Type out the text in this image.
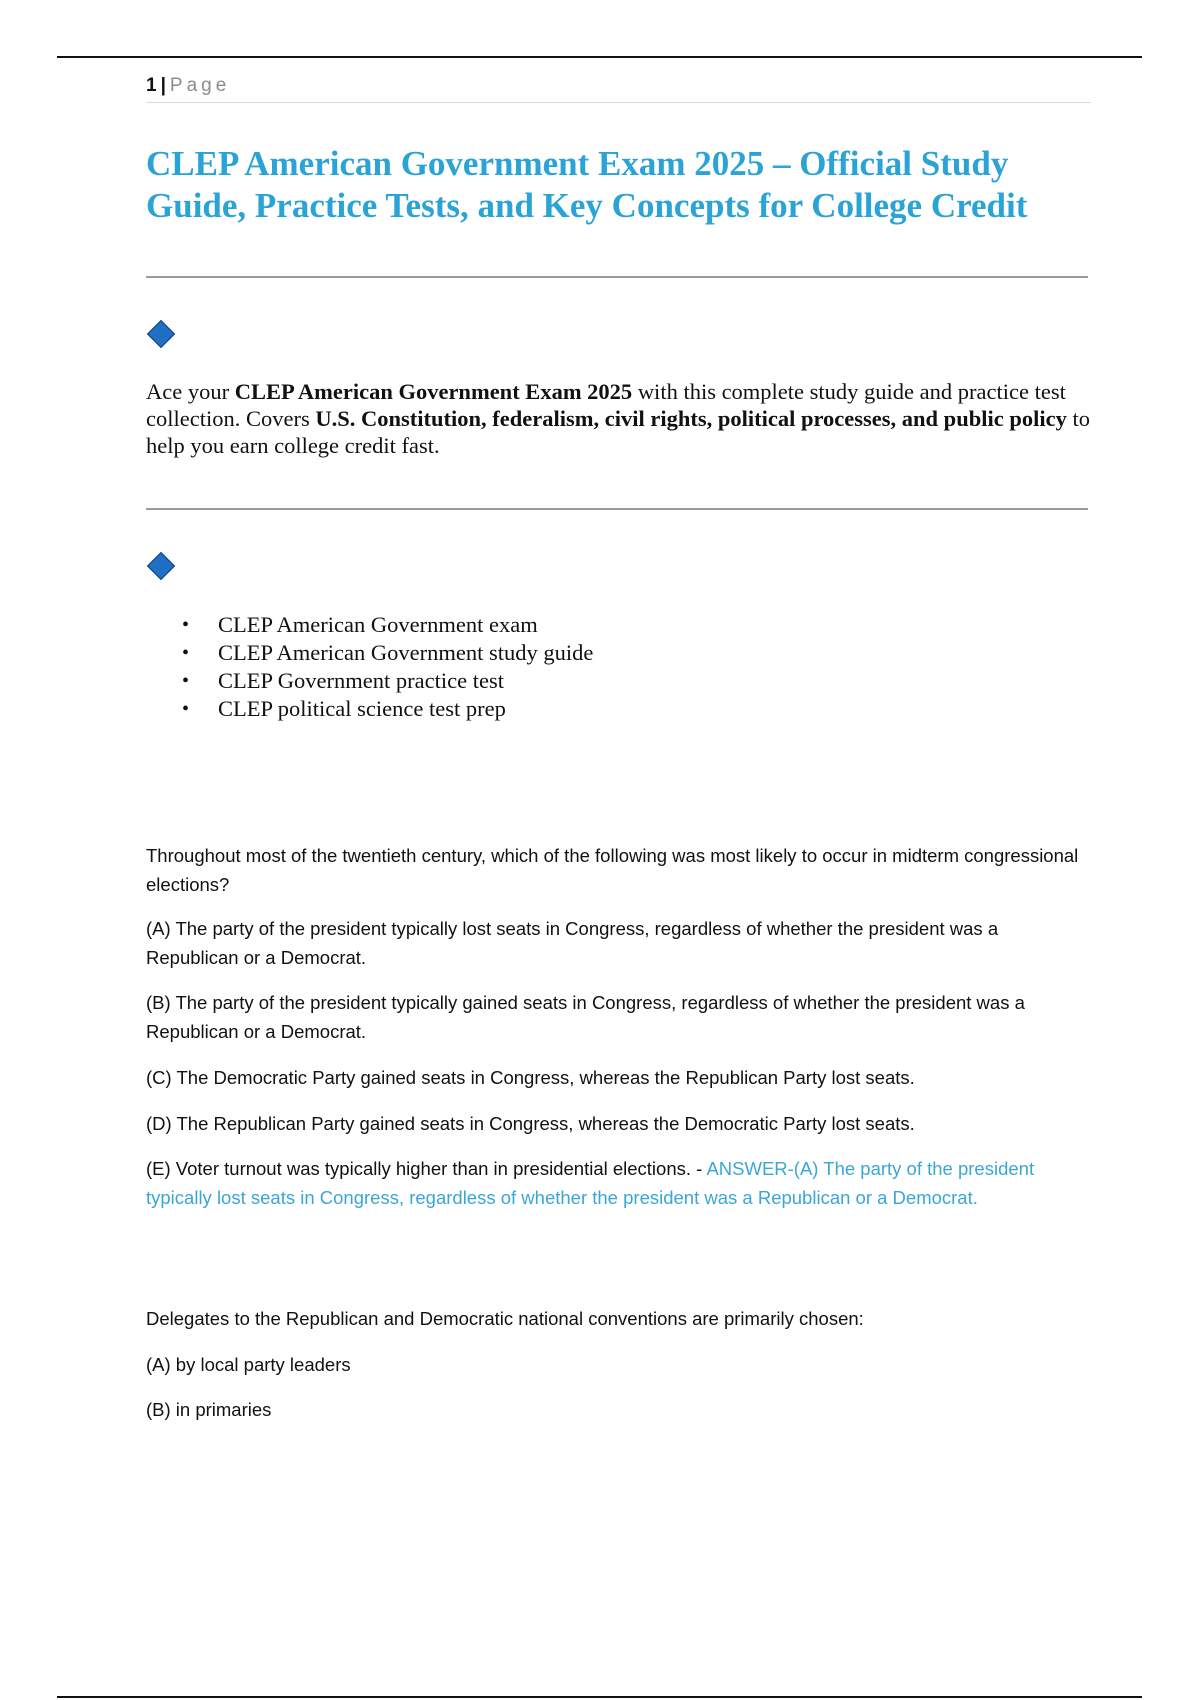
1 | Page
CLEP American Government Exam 2025 – Official Study Guide, Practice Tests, and Key Concepts for College Credit

Ace your CLEP American Government Exam 2025 with this complete study guide and practice test collection. Covers U.S. Constitution, federalism, civil rights, political processes, and public policy to help you earn college credit fast.

• CLEP American Government exam
• CLEP American Government study guide
• CLEP Government practice test
• CLEP political science test prep

Throughout most of the twentieth century, which of the following was most likely to occur in midterm congressional elections?

(A) The party of the president typically lost seats in Congress, regardless of whether the president was a Republican or a Democrat.

(B) The party of the president typically gained seats in Congress, regardless of whether the president was a Republican or a Democrat.

(C) The Democratic Party gained seats in Congress, whereas the Republican Party lost seats.

(D) The Republican Party gained seats in Congress, whereas the Democratic Party lost seats.

(E) Voter turnout was typically higher than in presidential elections. - ANSWER-(A) The party of the president typically lost seats in Congress, regardless of whether the president was a Republican or a Democrat.

Delegates to the Republican and Democratic national conventions are primarily chosen:

(A) by local party leaders

(B) in primaries
